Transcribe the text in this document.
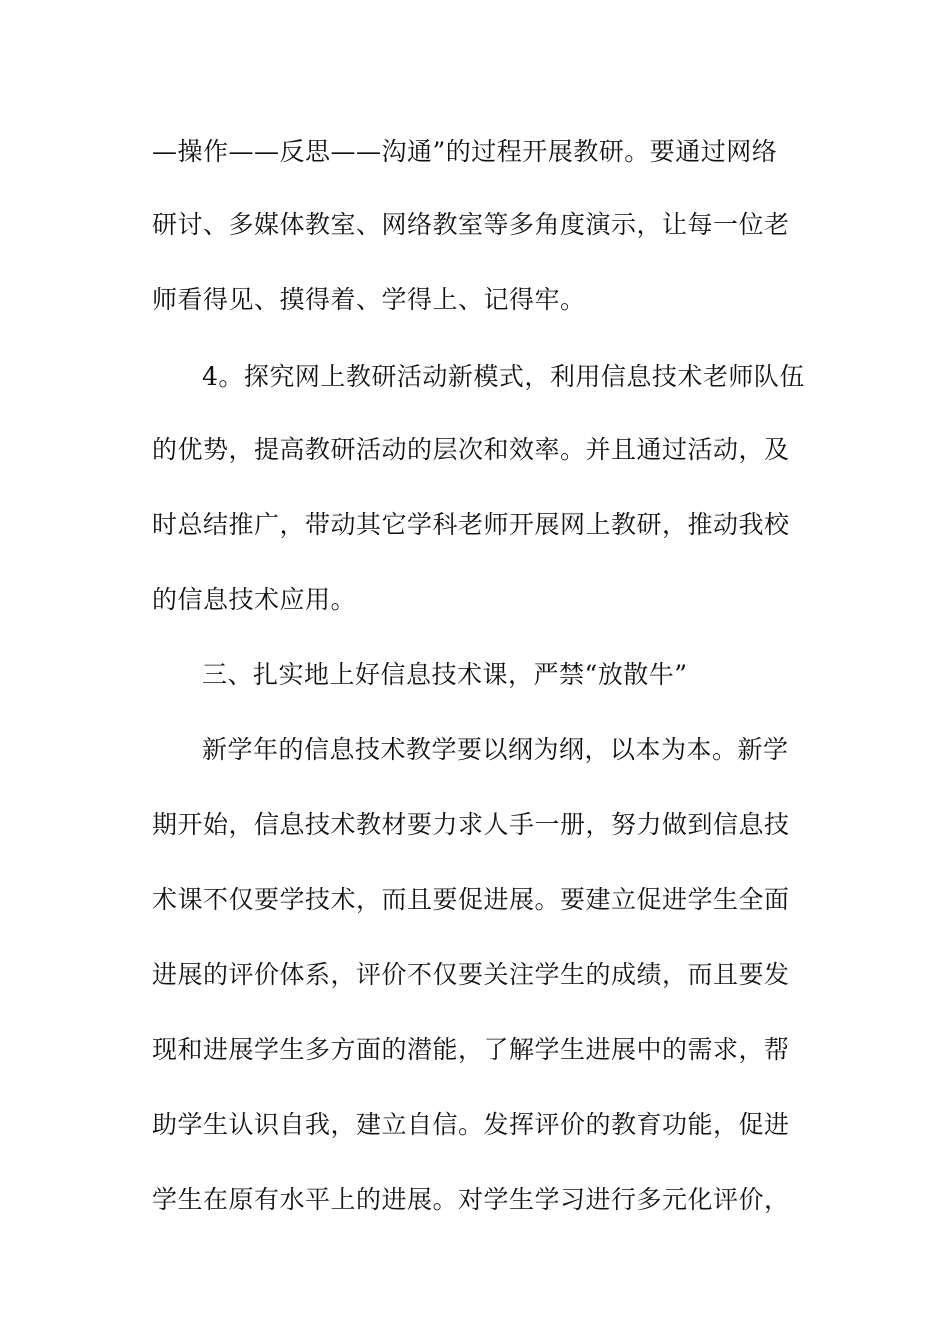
—操作——反思——沟通”的过程开展教研。要通过网络
研讨、多媒体教室、网络教室等多角度演示，让每一位老
师看得见、摸得着、学得上、记得牢。
4。探究网上教研活动新模式，利用信息技术老师队伍
的优势，提高教研活动的层次和效率。并且通过活动，及
时总结推广，带动其它学科老师开展网上教研，推动我校
的信息技术应用。
三、扎实地上好信息技术课，严禁“放散牛”
新学年的信息技术教学要以纲为纲，以本为本。新学
期开始，信息技术教材要力求人手一册，努力做到信息技
术课不仅要学技术，而且要促进展。要建立促进学生全面
进展的评价体系，评价不仅要关注学生的成绩，而且要发
现和进展学生多方面的潜能，了解学生进展中的需求，帮
助学生认识自我，建立自信。发挥评价的教育功能，促进
学生在原有水平上的进展。对学生学习进行多元化评价，
